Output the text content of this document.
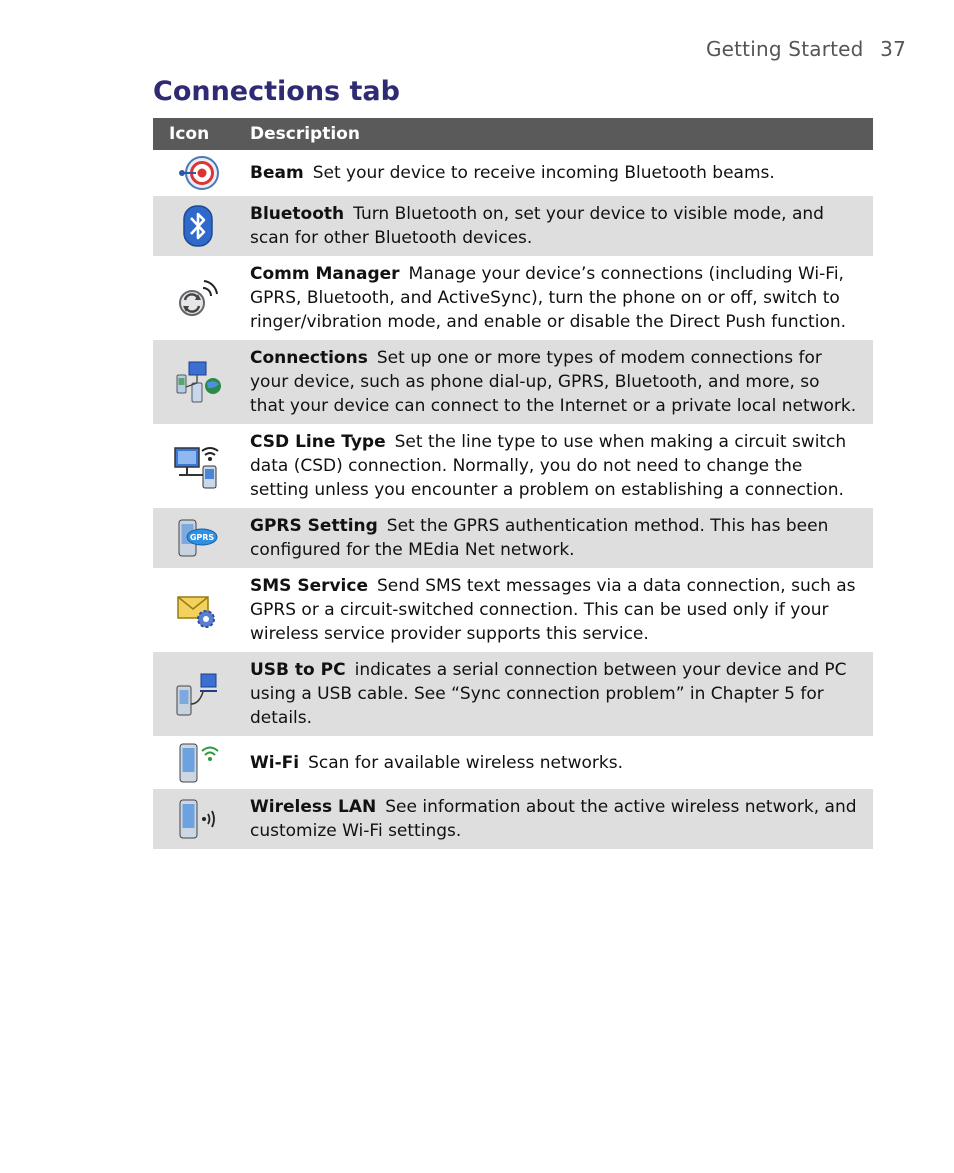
Getting Started 37
Connections tab
Icon	Description

	Beam Set your device to receive incoming Bluetooth beams.

	Bluetooth Turn Bluetooth on, set your device to visible mode, and scan for other Bluetooth devices.

	Comm Manager Manage your device’s connections (including Wi-Fi, GPRS, Bluetooth, and ActiveSync), turn the phone on or off, switch to ringer/vibration mode, and enable or disable the Direct Push function.

	Connections Set up one or more types of modem connections for your device, such as phone dial-up, GPRS, Bluetooth, and more, so that your device can connect to the Internet or a private local network.

	CSD Line Type Set the line type to use when making a circuit switch data (CSD) connection. Normally, you do not need to change the setting unless you encounter a problem on establishing a connection.

GPRS	GPRS Setting Set the GPRS authentication method. This has been configured for the MEdia Net network.

	SMS Service Send SMS text messages via a data connection, such as GPRS or a circuit-switched connection. This can be used only if your wireless service provider supports this service.

	USB to PC indicates a serial connection between your device and PC using a USB cable. See “Sync connection problem” in Chapter 5 for details.

	Wi-Fi Scan for available wireless networks.

	Wireless LAN See information about the active wireless network, and customize Wi-Fi settings.
